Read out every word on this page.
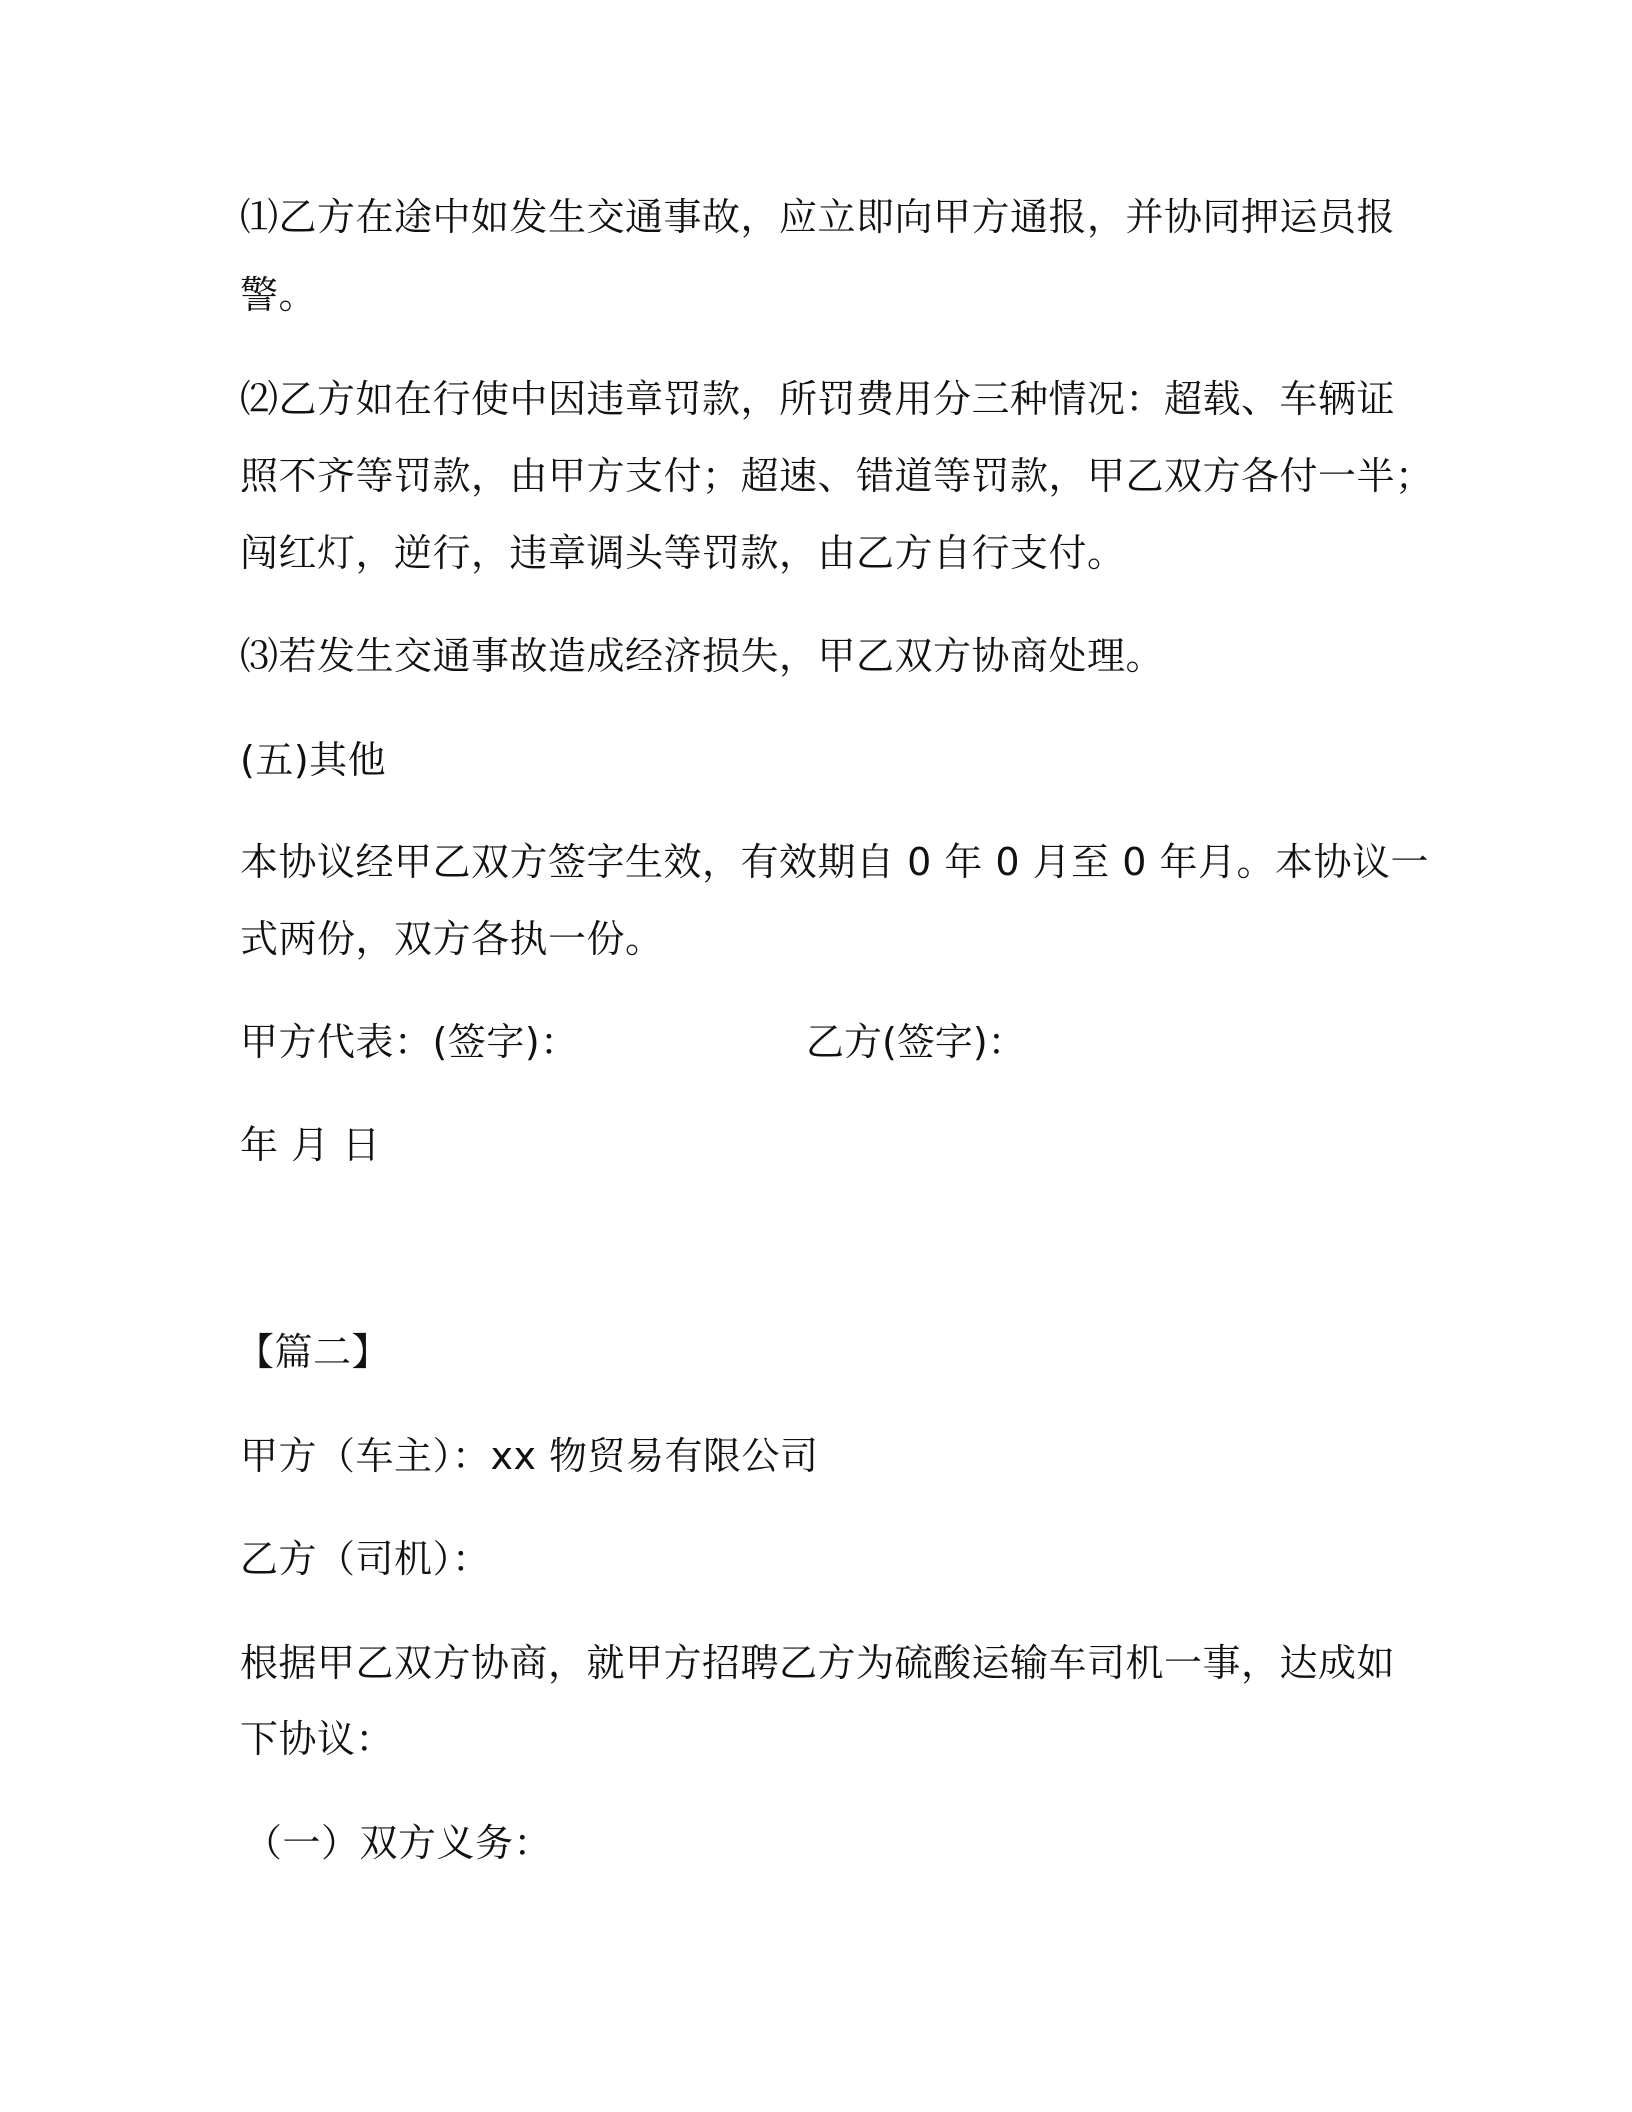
⑴乙方在途中如发生交通事故，应立即向甲方通报，并协同押运员报
警。
⑵乙方如在行使中因违章罚款，所罚费用分三种情况：超载、车辆证
照不齐等罚款，由甲方支付；超速、错道等罚款，甲乙双方各付一半；
闯红灯，逆行，违章调头等罚款，由乙方自行支付。
⑶若发生交通事故造成经济损失，甲乙双方协商处理。
(五)其他
本协议经甲乙双方签字生效，有效期自 0 年 0 月至 0 年月。本协议一
式两份，双方各执一份。
甲方代表：(签字)：	乙方(签字)：
年 月 日
【篇二】
甲方（车主）：xx 物贸易有限公司
乙方（司机）：
根据甲乙双方协商，就甲方招聘乙方为硫酸运输车司机一事，达成如
下协议：
（一）双方义务：
